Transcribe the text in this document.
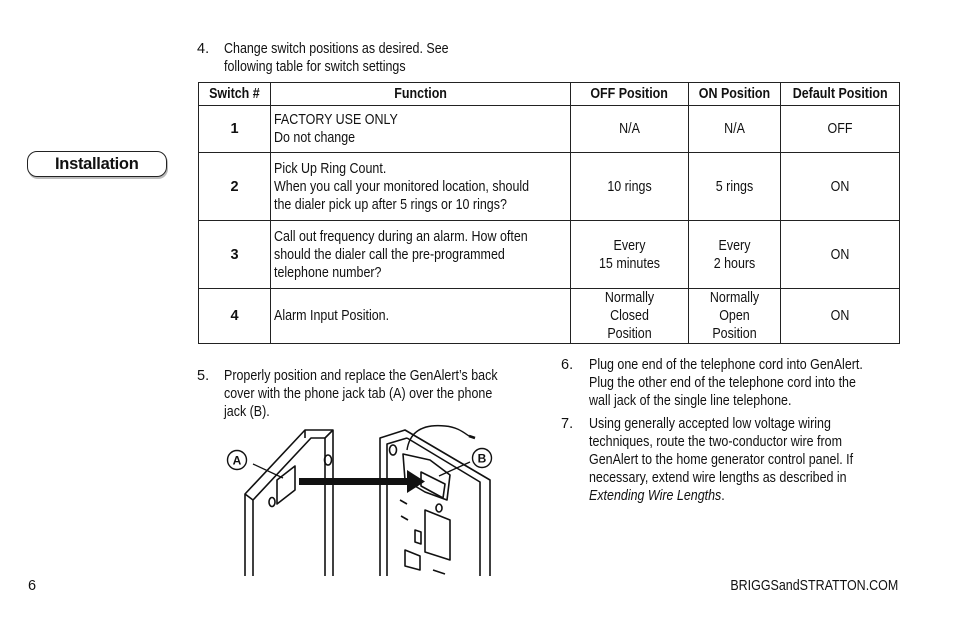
Installation
4. Change switch positions as desired. See
following table for switch settings
Switch #	Function	OFF Position	ON Position	Default Position
1	FACTORY USE ONLY
Do not change	N/A	N/A	OFF

2	Pick Up Ring Count.
When you call your monitored location, should
the dialer pick up after 5 rings or 10 rings?	10 rings	5 rings	ON

3	Call out frequency during an alarm. How often
should the dialer call the pre-programmed
telephone number?	Every
15 minutes	Every
2 hours	ON

4	Alarm Input Position.	Normally
Closed
Position	Normally
Open
Position	ON
5. Properly position and replace the GenAlert’s back
cover with the phone jack tab (A) over the phone
jack (B).
6. Plug one end of the telephone cord into GenAlert.
Plug the other end of the telephone cord into the
wall jack of the single line telephone.
7. Using generally accepted low voltage wiring
techniques, route the two-conductor wire from
GenAlert to the home generator control panel. If
necessary, extend wire lengths as described in
Extending Wire Lengths.
A	B
6	BRIGGSandSTRATTON.COM
